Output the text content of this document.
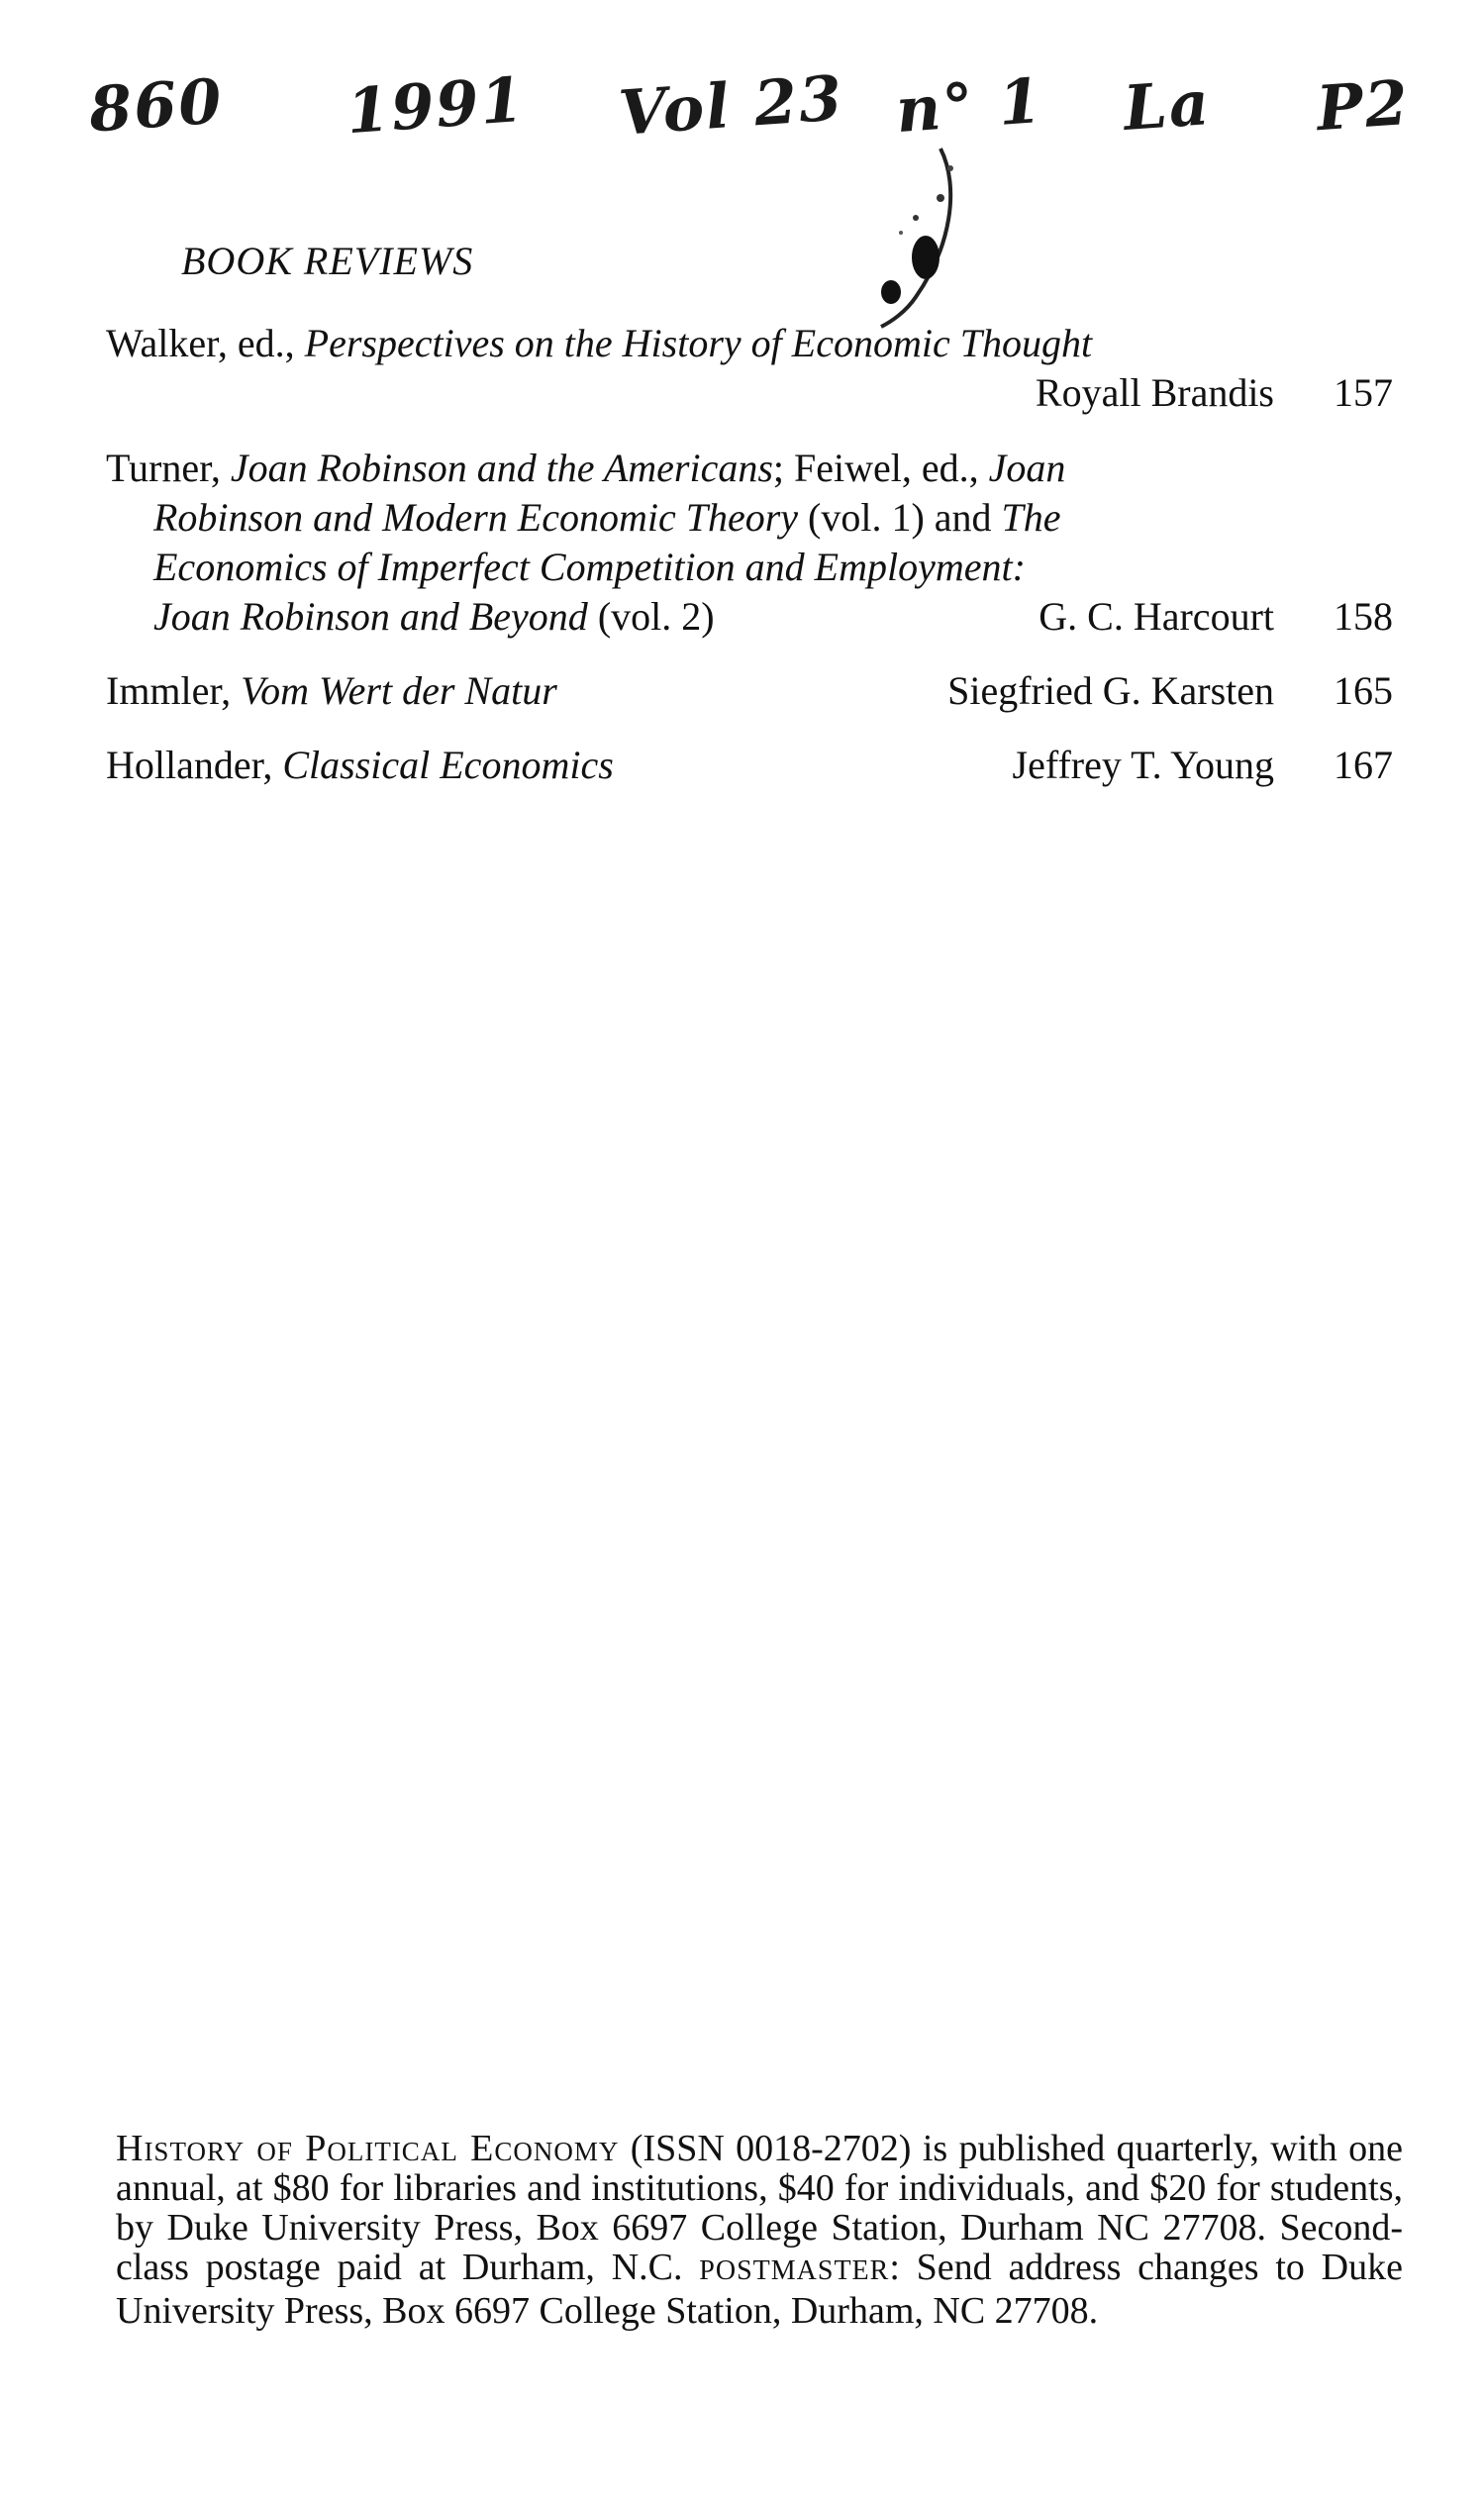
860 1991 Vol 23 n° 1 La P2
BOOK REVIEWS
Walker, ed., Perspectives on the History of Economic Thought
Royall Brandis 157
Turner, Joan Robinson and the Americans; Feiwel, ed., Joan
Robinson and Modern Economic Theory (vol. 1) and The
Economics of Imperfect Competition and Employment:
Joan Robinson and Beyond (vol. 2)	G. C. Harcourt 158
Immler, Vom Wert der Natur	Siegfried G. Karsten 165
Hollander, Classical Economics	Jeffrey T. Young 167
History of Political Economy (ISSN 0018-2702) is published quarterly, with one annual, at $80 for libraries and institutions, $40 for individuals, and $20 for students, by Duke University Press, Box 6697 College Station, Durham NC 27708. Second-class postage paid at Durham, N.C. POSTMASTER: Send address changes to Duke University Press, Box 6697 College Station, Durham, NC 27708.
